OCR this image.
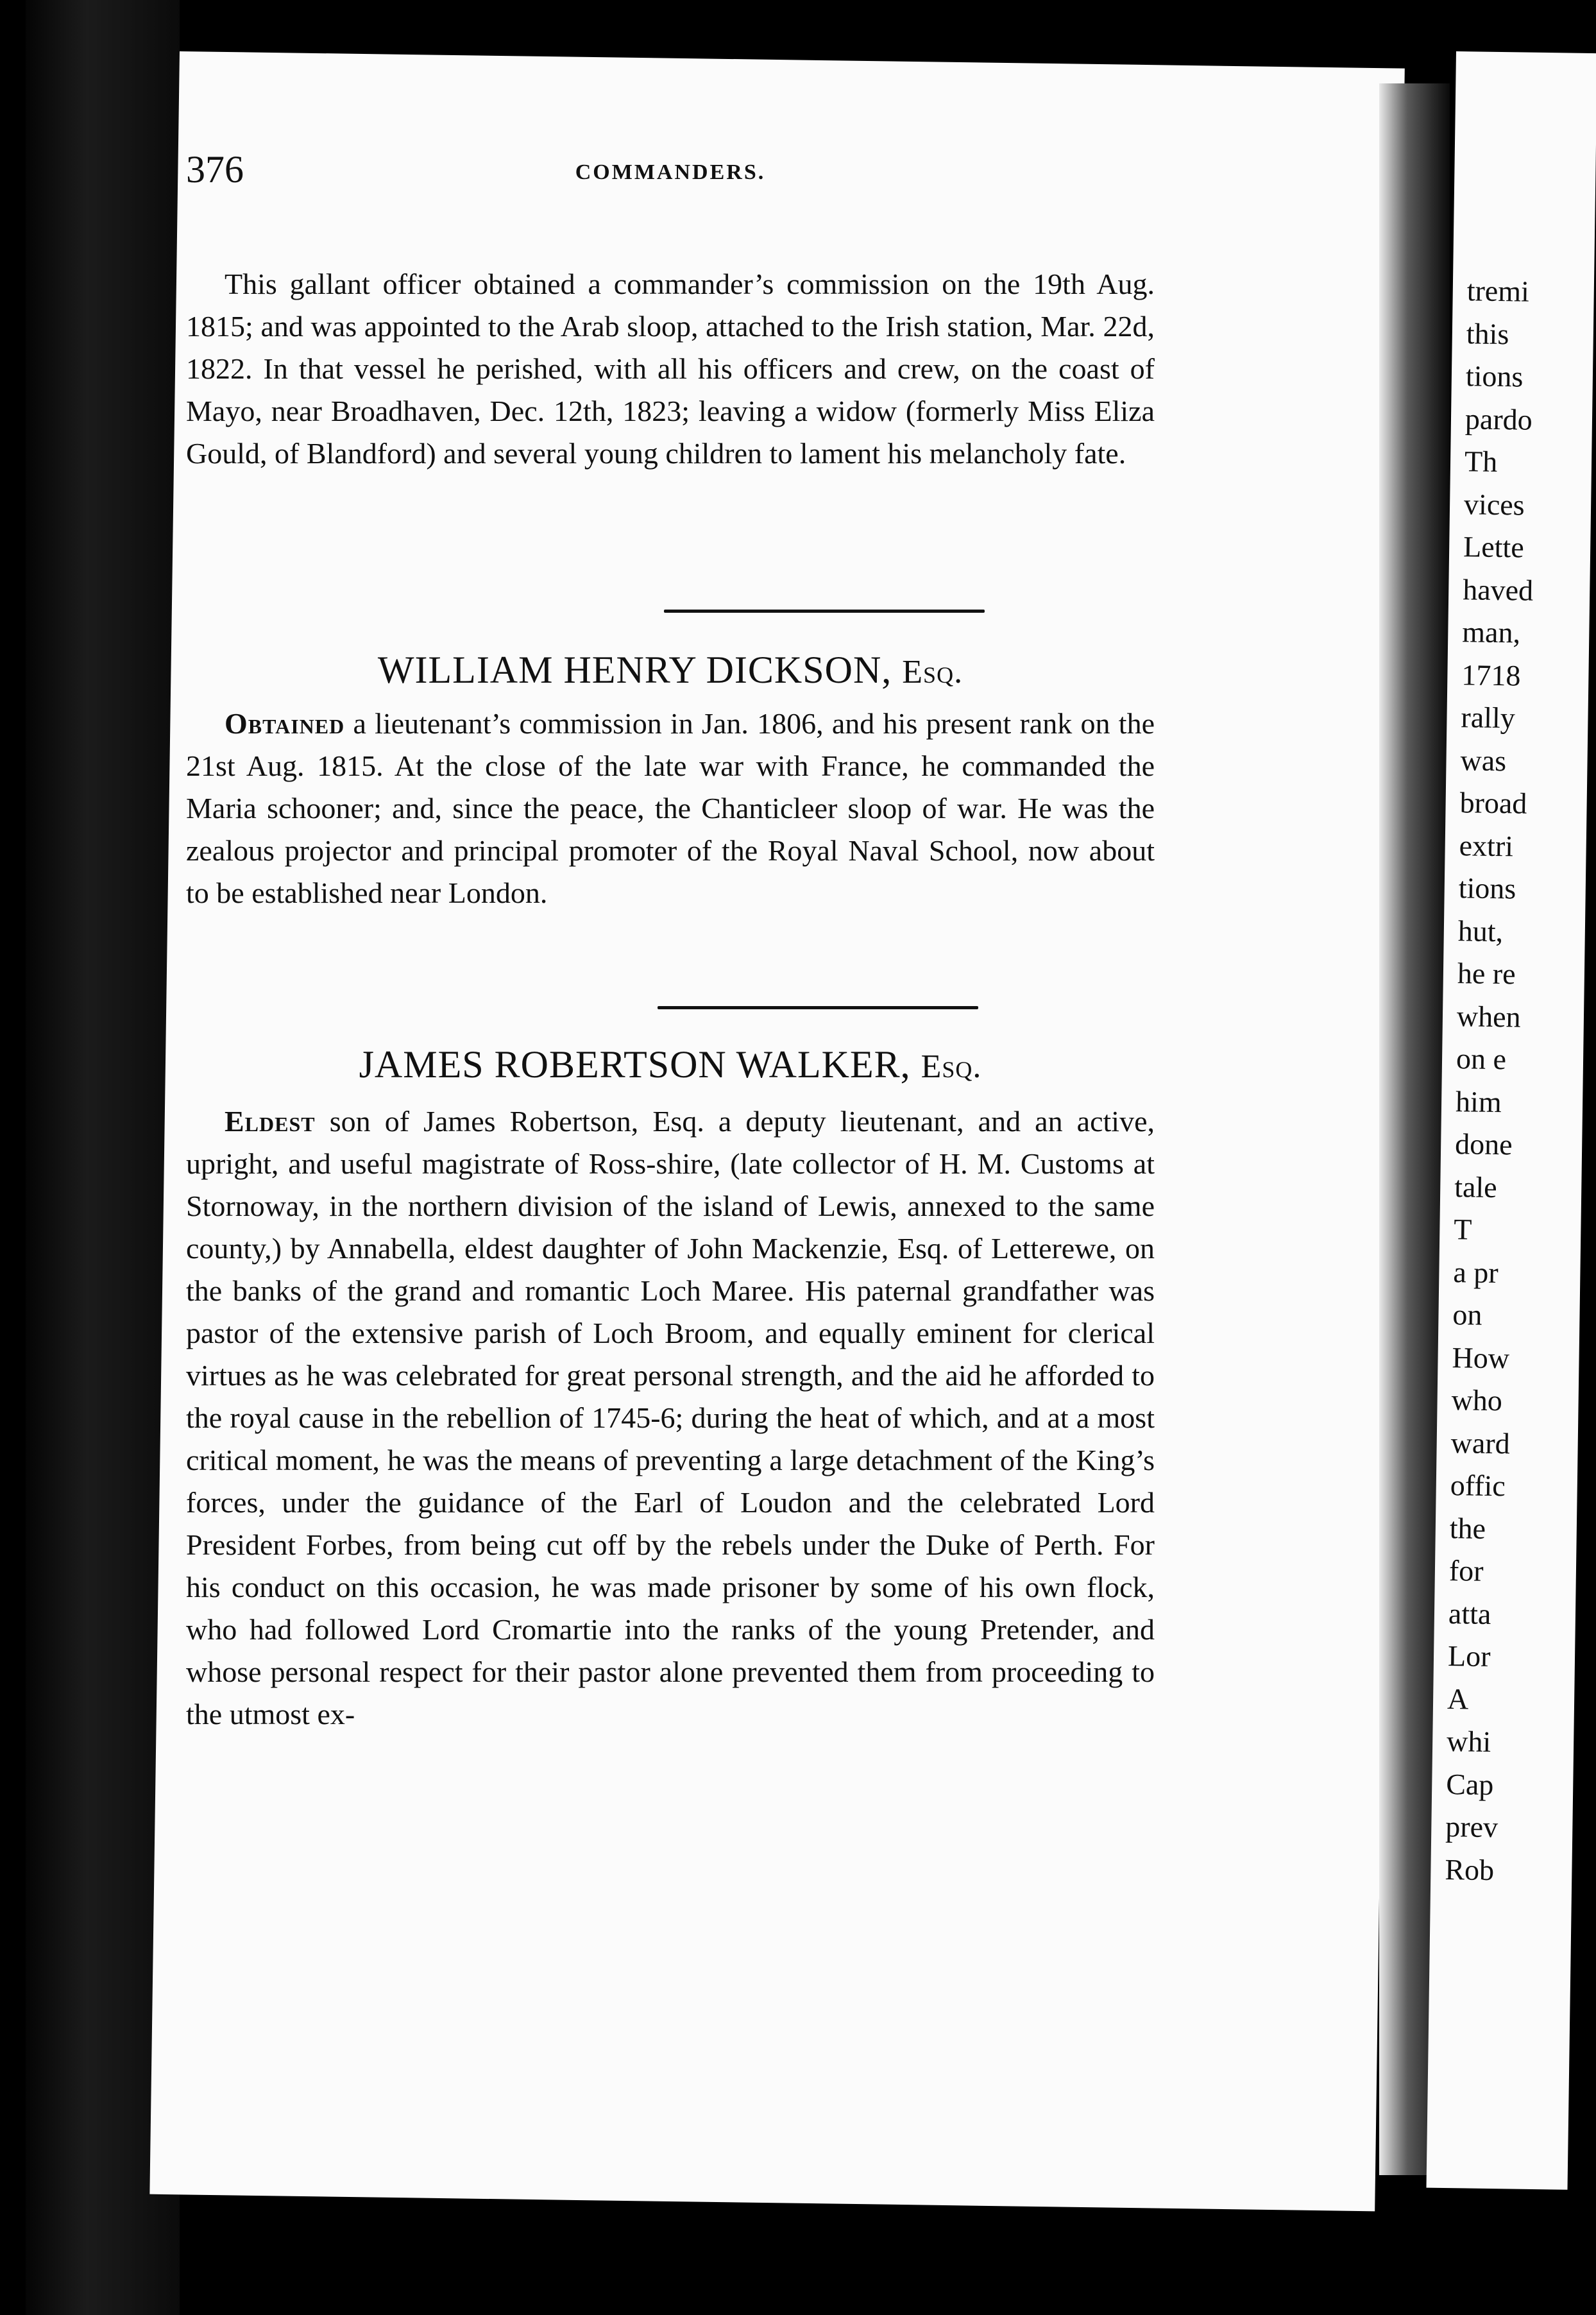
tremi
this
tions
pardo
Th
vices
Lette
haved
man,
1718
rally
was
broad
extri
tions
hut,
he re
when
on e
him
done
tale
T
a pr
on
How
who
ward
offic
the
for
atta
Lor
A
whi
Cap
prev
Rob
376	COMMANDERS.

This gallant officer obtained a commander’s commission on the 19th Aug. 1815; and was appointed to the Arab sloop, attached to the Irish station, Mar. 22d, 1822. In that vessel he perished, with all his officers and crew, on the coast of Mayo, near Broadhaven, Dec. 12th, 1823; leaving a widow (formerly Miss Eliza Gould, of Blandford) and several young children to lament his melancholy fate.

WILLIAM HENRY DICKSON, Esq.

Obtained a lieutenant’s commission in Jan. 1806, and his present rank on the 21st Aug. 1815. At the close of the late war with France, he commanded the Maria schooner; and, since the peace, the Chanticleer sloop of war. He was the zealous projector and principal promoter of the Royal Naval School, now about to be established near London.

JAMES ROBERTSON WALKER, Esq.

Eldest son of James Robertson, Esq. a deputy lieutenant, and an active, upright, and useful magistrate of Ross-shire, (late collector of H. M. Customs at Stornoway, in the northern division of the island of Lewis, annexed to the same county,) by Annabella, eldest daughter of John Mackenzie, Esq. of Letterewe, on the banks of the grand and romantic Loch Maree. His paternal grandfather was pastor of the extensive parish of Loch Broom, and equally eminent for clerical virtues as he was celebrated for great personal strength, and the aid he afforded to the royal cause in the rebellion of 1745-6; during the heat of which, and at a most critical moment, he was the means of preventing a large detachment of the King’s forces, under the guidance of the Earl of Loudon and the celebrated Lord President Forbes, from being cut off by the rebels under the Duke of Perth. For his conduct on this occasion, he was made prisoner by some of his own flock, who had followed Lord Cromartie into the ranks of the young Pretender, and whose personal respect for their pastor alone prevented them from proceeding to the utmost ex-
